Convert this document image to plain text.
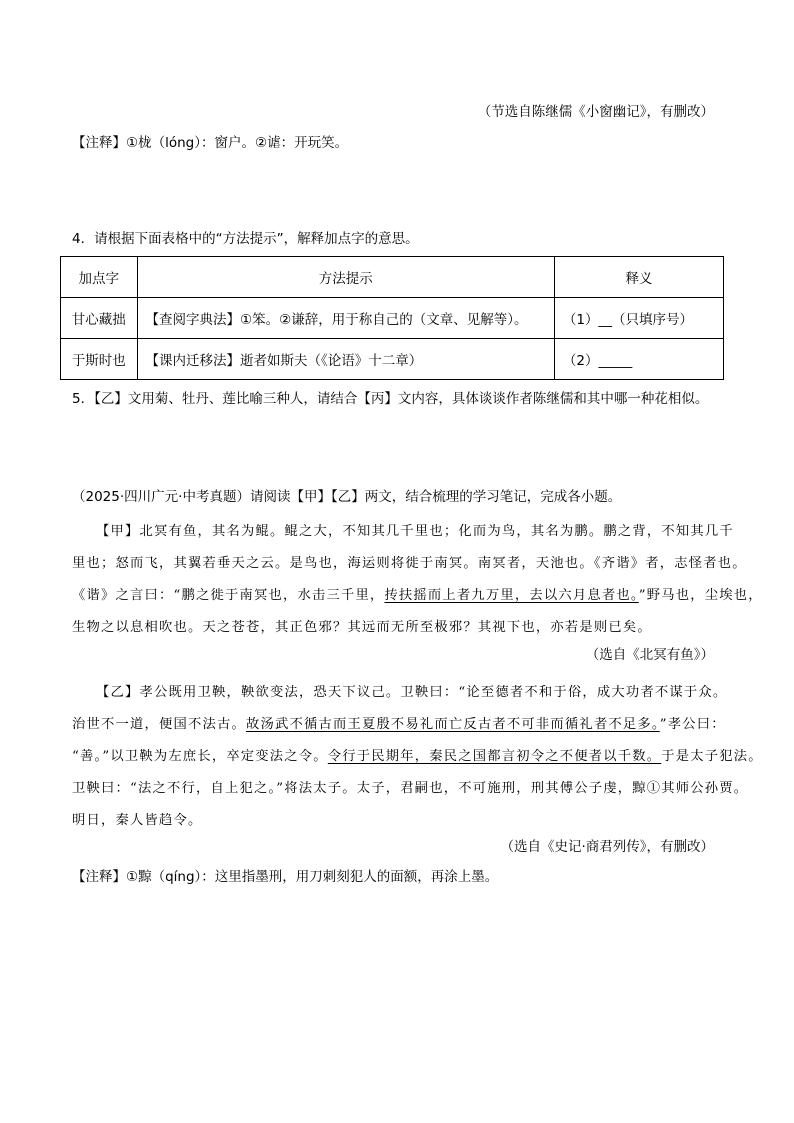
（节选自陈继儒《小窗幽记》，有删改）
【注释】①栊（lóng）：窗户。②谑：开玩笑。
4．请根据下面表格中的“方法提示”，解释加点字的意思。
加点字	方法提示	释义
甘心藏拙	【查阅字典法】①笨。②谦辞，用于称自己的（文章、见解等）。	（1）__（只填序号）
于斯时也	【课内迁移法】逝者如斯夫（《论语》十二章）	（2）_____
5．【乙】文用菊、牡丹、莲比喻三种人，请结合【丙】文内容，具体谈谈作者陈继儒和其中哪一种花相似。
（2025·四川广元·中考真题）请阅读【甲】【乙】两文，结合梳理的学习笔记，完成各小题。
【甲】北冥有鱼，其名为鲲。鲲之大，不知其几千里也；化而为鸟，其名为鹏。鹏之背，不知其几千
里也；怒而飞，其翼若垂天之云。是鸟也，海运则将徙于南冥。南冥者，天池也。《齐谐》者，志怪者也。
《谐》之言曰：“鹏之徙于南冥也，水击三千里，抟扶摇而上者九万里，去以六月息者也。”野马也，尘埃也，
生物之以息相吹也。天之苍苍，其正色邪？其远而无所至极邪？其视下也，亦若是则已矣。
（选自《北冥有鱼》）
【乙】孝公既用卫鞅，鞅欲变法，恐天下议己。卫鞅曰：“论至德者不和于俗，成大功者不谋于众。
治世不一道，便国不法古。故汤武不循古而王夏殷不易礼而亡反古者不可非而循礼者不足多。”孝公曰：
“善。”以卫鞅为左庶长，卒定变法之令。令行于民期年，秦民之国都言初令之不便者以千数。于是太子犯法。
卫鞅曰：“法之不行，自上犯之。”将法太子。太子，君嗣也，不可施刑，刑其傅公子虔，黥①其师公孙贾。
明日，秦人皆趋令。
（选自《史记·商君列传》，有删改）
【注释】①黥（qíng）：这里指墨刑，用刀刺刻犯人的面额，再涂上墨。
